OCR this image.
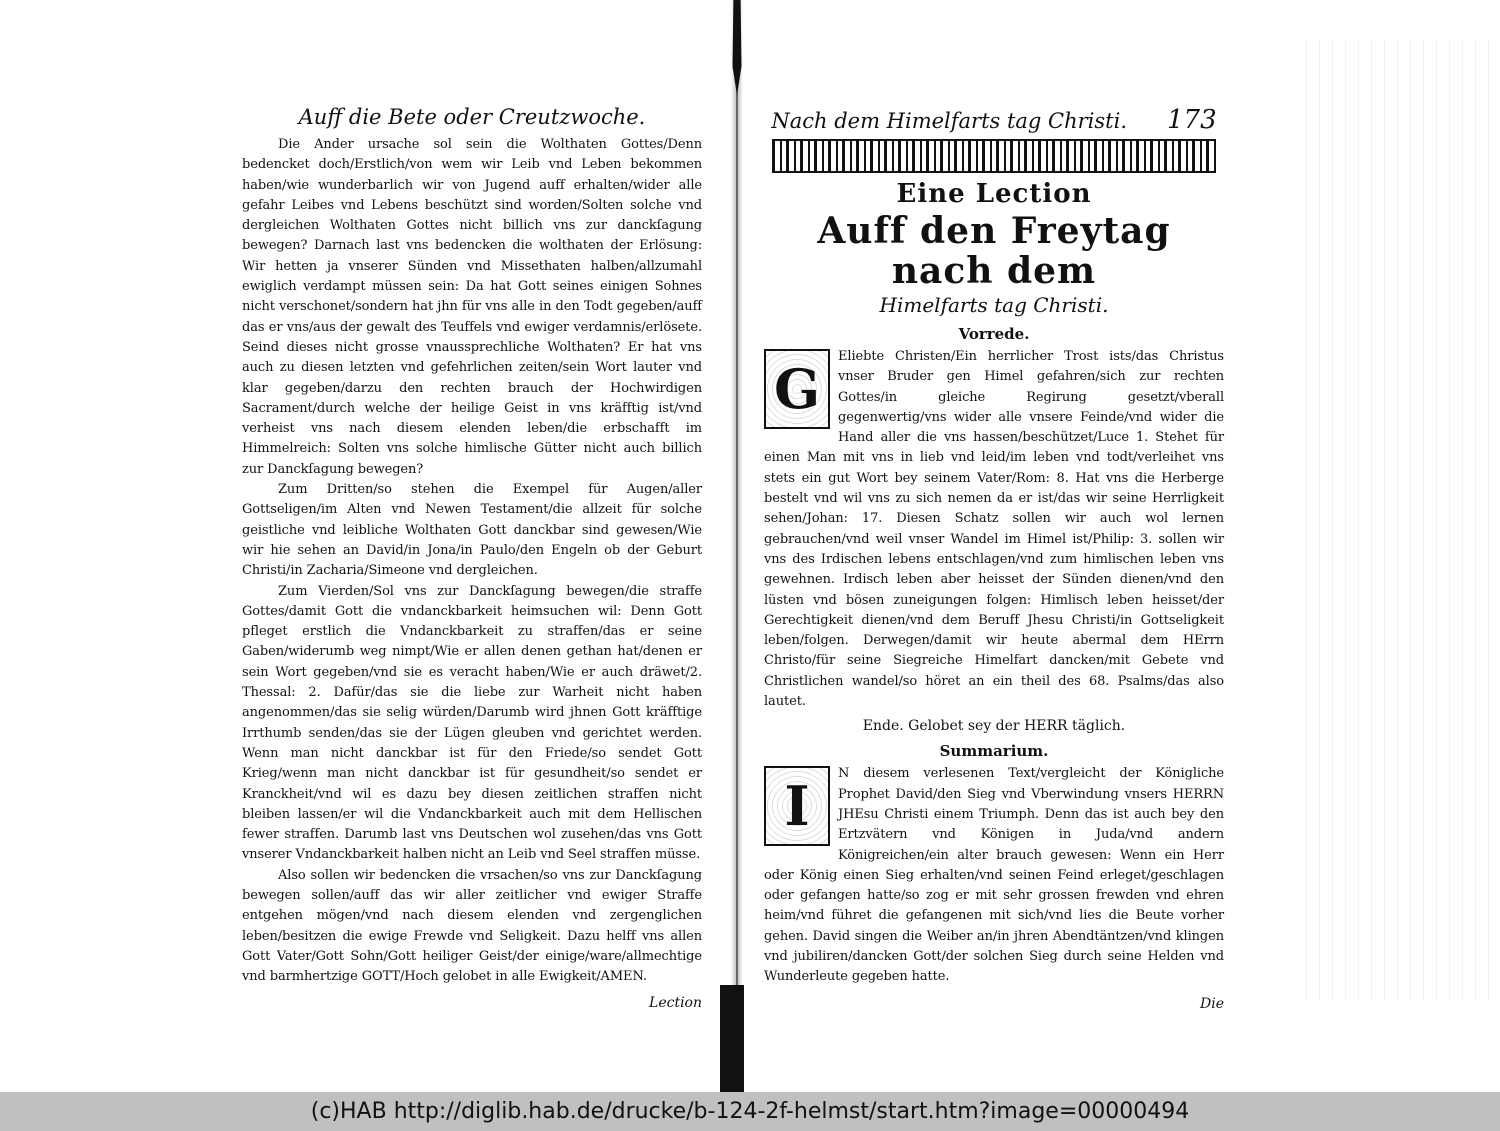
Auff die Bete oder Creutzwoche.

Die Ander ursache sol sein die Wolthaten Gottes/Denn bedencket doch/Erstlich/von wem wir Leib vnd Leben bekommen haben/wie wunderbarlich wir von Jugend auff erhalten/wider alle gefahr Leibes vnd Lebens beschützt sind worden/Solten solche vnd dergleichen Wolthaten Gottes nicht billich vns zur danckſagung bewegen? Darnach last vns bedencken die wolthaten der Erlösung: Wir hetten ja vnserer Sünden vnd Missethaten halben/allzumahl ewiglich verdampt müssen sein: Da hat Gott seines einigen Sohnes nicht verschonet/sondern hat jhn für vns alle in den Todt gegeben/auff das er vns/aus der gewalt des Teuffels vnd ewiger verdamnis/erlösete. Seind dieses nicht grosse vnaussprechliche Wolthaten? Er hat vns auch zu diesen letzten vnd gefehrlichen zeiten/sein Wort lauter vnd klar gegeben/darzu den rechten brauch der Hochwirdigen Sacrament/durch welche der heilige Geist in vns kräfftig ist/vnd verheist vns nach diesem elenden leben/die erbschafft im Himmelreich: Solten vns solche himlische Gütter nicht auch billich zur Danckſagung bewegen?

Zum Dritten/so stehen die Exempel für Augen/aller Gottseligen/im Alten vnd Newen Testament/die allzeit für solche geistliche vnd leibliche Wolthaten Gott danckbar sind gewesen/Wie wir hie sehen an David/in Jona/in Paulo/den Engeln ob der Geburt Christi/in Zacharia/Simeone vnd dergleichen.

Zum Vierden/Sol vns zur Danckſagung bewegen/die straffe Gottes/damit Gott die vndanckbarkeit heimsuchen wil: Denn Gott pfleget erstlich die Vndanckbarkeit zu straffen/das er seine Gaben/widerumb weg nimpt/Wie er allen denen gethan hat/denen er sein Wort gegeben/vnd sie es veracht haben/Wie er auch dräwet/2. Thessal: 2. Dafür/das sie die liebe zur Warheit nicht haben angenommen/das sie selig würden/Darumb wird jhnen Gott kräfftige Irrthumb senden/das sie der Lügen gleuben vnd gerichtet werden. Wenn man nicht danckbar ist für den Friede/so sendet Gott Krieg/wenn man nicht danckbar ist für gesundheit/so sendet er Kranckheit/vnd wil es dazu bey diesen zeitlichen straffen nicht bleiben lassen/er wil die Vndanckbarkeit auch mit dem Hellischen fewer straffen. Darumb last vns Deutschen wol zusehen/das vns Gott vnserer Vndanckbarkeit halben nicht an Leib vnd Seel straffen müsse.

Also sollen wir bedencken die vrsachen/so vns zur Danckſagung bewegen sollen/auff das wir aller zeitlicher vnd ewiger Straffe entgehen mögen/vnd nach diesem elenden vnd zergenglichen leben/besitzen die ewige Frewde vnd Seligkeit. Dazu helff vns allen Gott Vater/Gott Sohn/Gott heiliger Geist/der einige/ware/allmechtige vnd barmhertzige GOTT/Hoch gelobet in alle Ewigkeit/AMEN.

Lection
Nach dem Himelfarts tag Christi. 173
Eine Lection
Auff den Freytag nach dem
Himelfarts tag Christi.
Vorrede.
G

Eliebte Christen/Ein herrlicher Trost ists/das Christus vnser Bruder gen Himel gefahren/sich zur rechten Gottes/in gleiche Regirung gesetzt/vberall gegenwertig/vns wider alle vnsere Feinde/vnd wider die Hand aller die vns hassen/beschützet/Luce 1. Stehet für einen Man mit vns in lieb vnd leid/im leben vnd todt/verleihet vns stets ein gut Wort bey seinem Vater/Rom: 8. Hat vns die Herberge bestelt vnd wil vns zu sich nemen da er ist/das wir seine Herrligkeit sehen/Johan: 17. Diesen Schatz sollen wir auch wol lernen gebrauchen/vnd weil vnser Wandel im Himel ist/Philip: 3. sollen wir vns des Irdischen lebens entschlagen/vnd zum himlischen leben vns gewehnen. Irdisch leben aber heisset der Sünden dienen/vnd den lüsten vnd bösen zuneigungen folgen: Himlisch leben heisset/der Gerechtigkeit dienen/vnd dem Beruff Jhesu Christi/in Gottseligkeit leben/folgen. Derwegen/damit wir heute abermal dem HErrn Christo/für seine Siegreiche Himelfart dancken/mit Gebete vnd Christlichen wandel/so höret an ein theil des 68. Psalms/das also lautet.

Ende. Gelobet sey der HERR täglich.
Summarium.
I

N diesem verlesenen Text/vergleicht der Königliche Prophet David/den Sieg vnd Vberwindung vnsers HERRN JHEsu Christi einem Triumph. Denn das ist auch bey den Ertzvätern vnd Königen in Juda/vnd andern Königreichen/ein alter brauch gewesen: Wenn ein Herr oder König einen Sieg erhalten/vnd seinen Feind erleget/geschlagen oder gefangen hatte/so zog er mit sehr grossen frewden vnd ehren heim/vnd führet die gefangenen mit sich/vnd lies die Beute vorher gehen. David singen die Weiber an/in jhren Abendtäntzen/vnd klingen vnd jubiliren/dancken Gott/der solchen Sieg durch seine Helden vnd Wunderleute gegeben hatte.

Die
(c)HAB http://diglib.hab.de/drucke/b-124-2f-helmst/start.htm?image=00000494
